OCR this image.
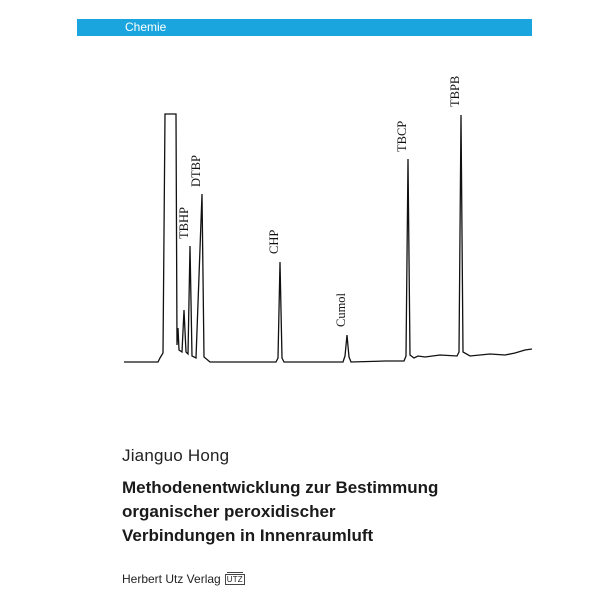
Chemie
TBHP
DTBP
CHP
Cumol
TBCP
TBPB
Jianguo Hong
Methodenentwicklung zur Bestimmung
organischer peroxidischer
Verbindungen in Innenraumluft
Herbert Utz Verlag UTZ
